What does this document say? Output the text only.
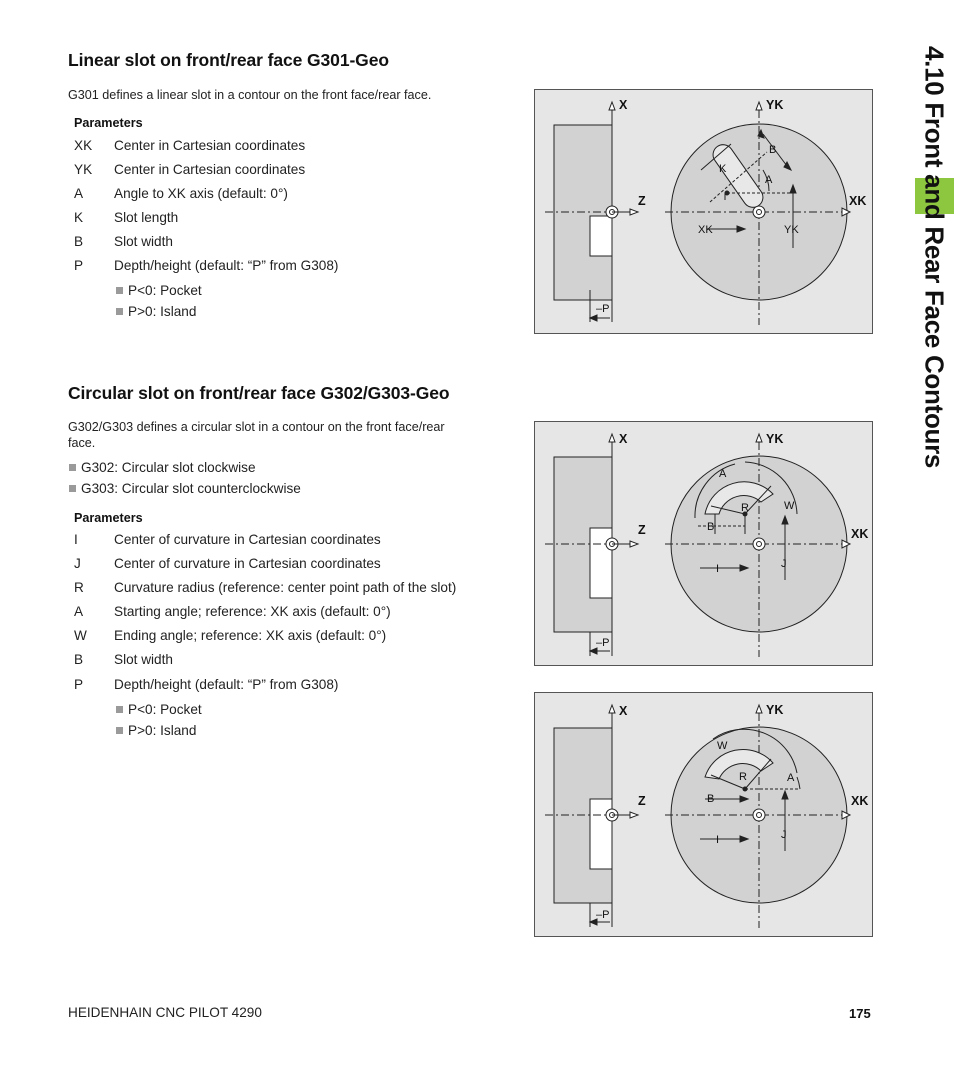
4.10 Front and Rear Face Contours
Linear slot on front/rear face G301-Geo
G301 defines a linear slot in a contour on the front face/rear face.
Parameters
XK Center in Cartesian coordinates
YK Center in Cartesian coordinates
A Angle to XK axis (default: 0°)
K Slot length
B Slot width
P Depth/height (default: “P” from G308)
P<0: Pocket
P>0: Island
Circular slot on front/rear face G302/G303-Geo
G302/G303 defines a circular slot in a contour on the front face/rear
face.
G302: Circular slot clockwise
G303: Circular slot counterclockwise
Parameters
I	Center of curvature in Cartesian coordinates
J Center of curvature in Cartesian coordinates
R Curvature radius (reference: center point path of the slot)
A Starting angle; reference: XK axis (default: 0°)
W Ending angle; reference: XK axis (default: 0°)
B Slot width
P Depth/height (default: “P” from G308)
P<0: Pocket
P>0: Island
X	YK
Z	XK
–P
XK	YK
K
B
A
X	YK
Z	XK
–P
A
R	W
B
I	J
X	YK
Z	XK
–P
W
R	A
B
I	J
HEIDENHAIN CNC PILOT 4290	175
